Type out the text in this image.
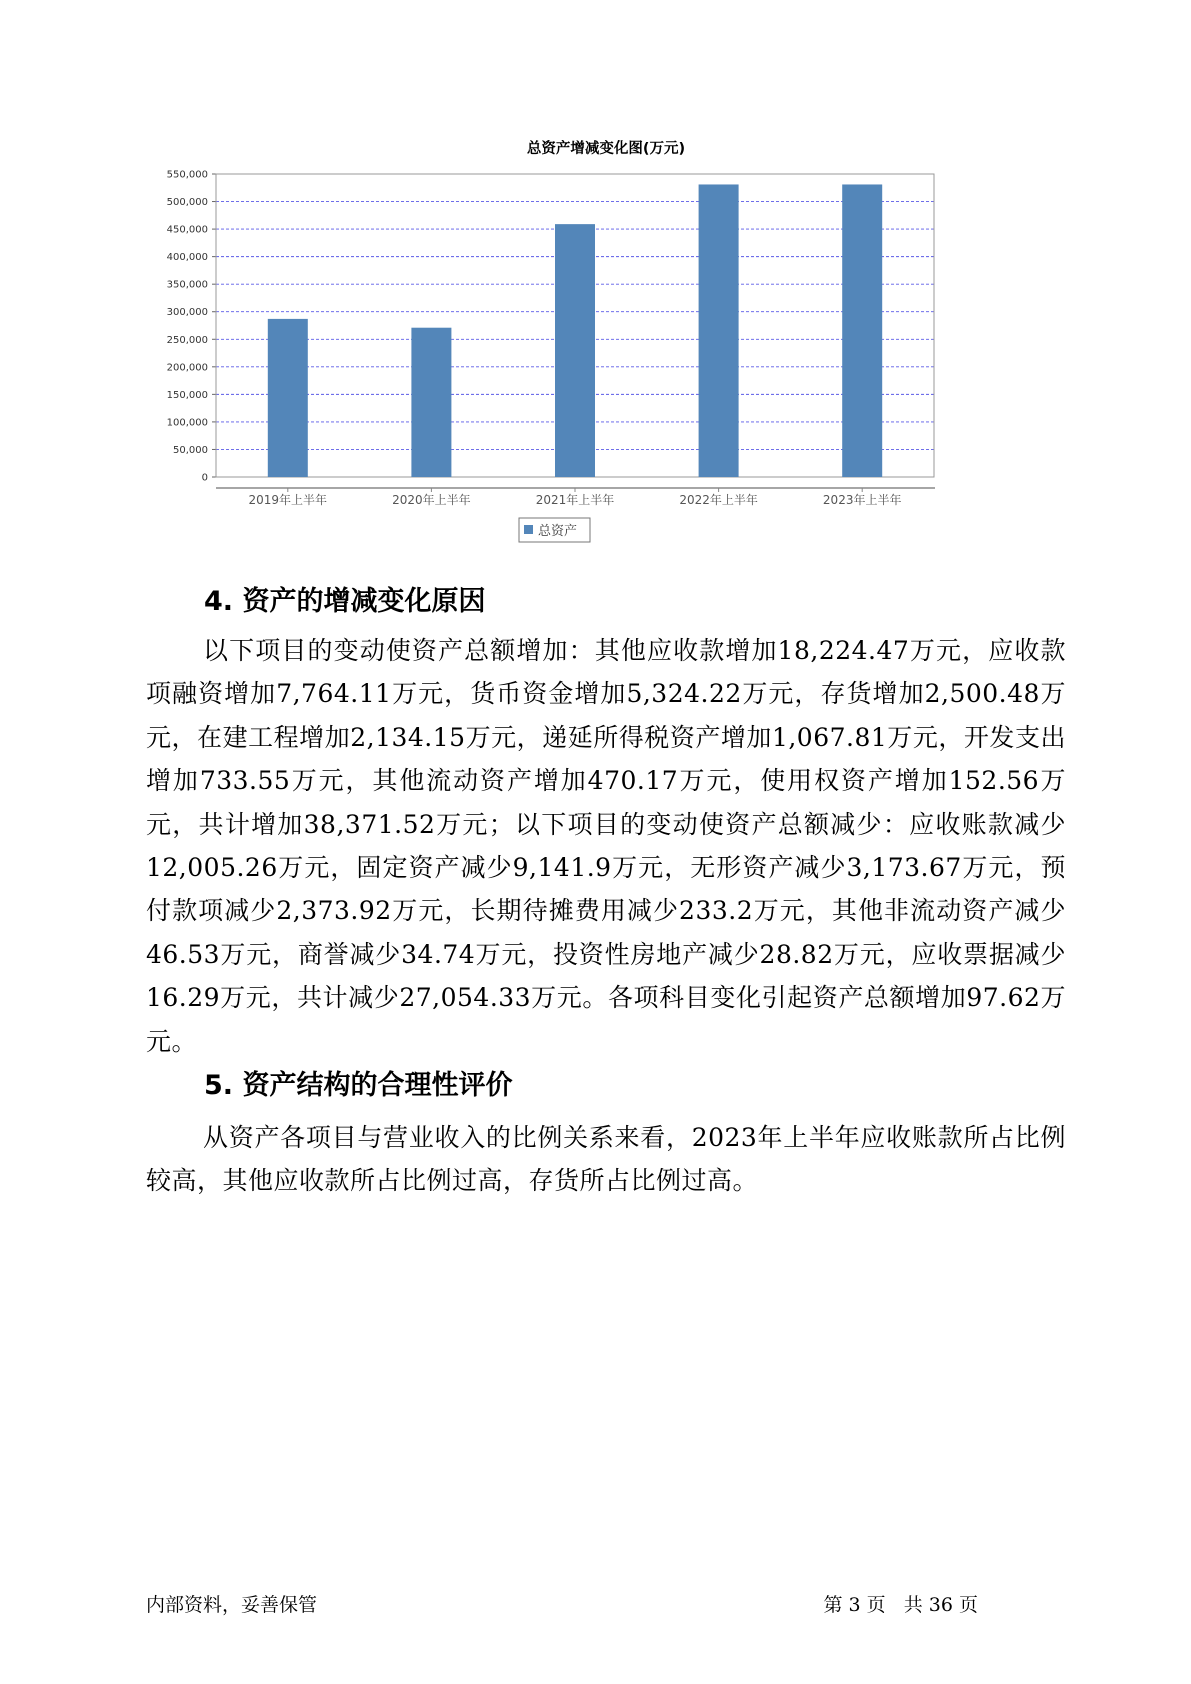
总资产增减变化图(万元)
0
50,000
100,000
150,000
200,000
250,000
300,000
350,000
400,000
450,000
500,000
550,000
2019年上半年	2020年上半年	2021年上半年	2022年上半年	2023年上半年
总资产
4. 资产的增减变化原因

以下项目的变动使资产总额增加：其他应收款增加18,224.47万元，应收款项融资增加7,764.11万元，货币资金增加5,324.22万元，存货增加2,500.48万元，在建工程增加2,134.15万元，递延所得税资产增加1,067.81万元，开发支出增加733.55万元，其他流动资产增加470.17万元，使用权资产增加152.56万元，共计增加38,371.52万元；以下项目的变动使资产总额减少：应收账款减少12,005.26万元，固定资产减少9,141.9万元，无形资产减少3,173.67万元，预付款项减少2,373.92万元，长期待摊费用减少233.2万元，其他非流动资产减少46.53万元，商誉减少34.74万元，投资性房地产减少28.82万元，应收票据减少16.29万元，共计减少27,054.33万元。各项科目变化引起资产总额增加97.62万元。

5. 资产结构的合理性评价

从资产各项目与营业收入的比例关系来看，2023年上半年应收账款所占比例较高，其他应收款所占比例过高，存货所占比例过高。

内部资料，妥善保管	第 3 页   共 36 页
